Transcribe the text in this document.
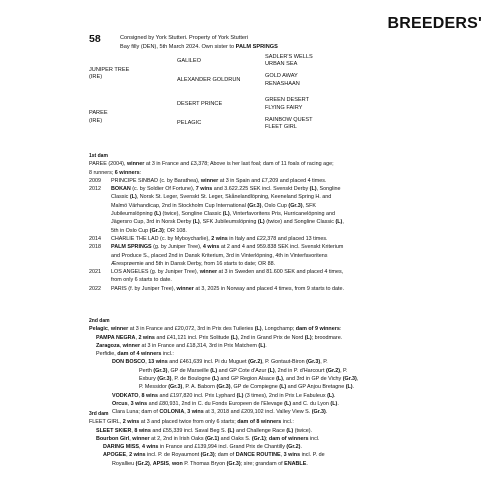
BREEDERS'
58	Consigned by York Stutteri. Property of York Stutteri
Bay filly (DEN), 5th March 2024. Own sister to PALM SPRINGS
SADLER'S WELLS
GALILEO	URBAN SEA
JUNIPER TREE
(IRE)	GOLD AWAY
ALEXANDER GOLDRUN
RENASHAAN
GREEN DESERT
DESERT PRINCE
FLYING FAIRY
PAREE
(IRE)	RAINBOW QUEST
PELAGIC
FLEET GIRL

1st dam

PAREE (2004), winner at 3 in France and £3,378; Above is her last foal; dam of 11 foals of racing age;

8 runners; 6 winners:

2009 PRINCIPE SINBAD (c. by Barathea), winner at 3 in Spain and £7,209 and placed 4 times.
2012 BOKAN (c. by Soldier Of Fortune), 7 wins and 3.622.225 SEK incl. Svenskt Derby (L), Songline
Classic (L), Norsk St. Leger, Svenskt St. Leger, Skånelandlöpning, Keeneland Spring H. and
Malmö Värhandicap, 2nd in Stockholm Cup International (Gr.3), Oslo Cup (Gr.3), SFK
Jubileumslöpning (L) (twice), Songline Classic (L), Vinterfavoritens Pris, Hurricanelöpning and
Jägersro Cup, 3rd in Norsk Derby (L), SFK Jubileumslöpning (L) (twice) and Songline Classic (L),
5th in Oslo Cup (Gr.3); OR 108.
2014 CHARLIE THE LAD (c. by Myboycharlie), 2 wins in Italy and £22,378 and placed 13 times.
2018 PALM SPRINGS (g. by Juniper Tree), 4 wins at 2 and 4 and 959.838 SEK incl. Svenskt Kriterium
and Produce S., placed 2nd in Dansk Kriterium, 3rd in Vinterlöpning, 4th in Vinterfavoritens
Æresprøemie and 5th in Dansk Derby, from 16 starts to date; OR 88.
2021 LOS ANGELES (g. by Juniper Tree), winner at 3 in Sweden and 81.600 SEK and placed 4 times,
from only 6 starts to date.
2022 PARIS (f. by Juniper Tree), winner at 3, 2025 in Norway and placed 4 times, from 9 starts to date.

2nd dam

Pelagic, winner at 3 in France and £20,072, 3rd in Prix des Tuileries (L), Longchamp; dam of 9 winners:
PAMPA NEGRA, 2 wins and £41,121 incl. Prix Solitude (L), 2nd in Grand Prix de Nord (L); broodmare.
Zaragoza, winner at 3 in France and £18,314, 3rd in Prix Matchem (L).
Perfidie, dam of 4 winners incl.:
DON BOSCO, 13 wins and £461,639 incl. Pi du Muguet (Gr.2), P. Gontaut-Biron (Gr.3), P.
Perth (Gr.3), GP de Marseille (L) and GP Cote d'Azur (L), 2nd in P. d'Harcourt (Gr.2), P.
Exbury (Gr.3), P. de Boulogne (L) and GP Region Alsace (L), and 3rd in GP de Vichy (Gr.3),
P. Messidor (Gr.3), P. A. Baborn (Gr.3), GP de Compiegne (L) and GP Anjou Bretagne (L).
VODKATO, 8 wins and £197,820 incl. Prix Lyphard (L) (3 times), 2nd in Prix Le Fabuleux (L).
Orcus, 3 wins and £80,931, 2nd in C. du Fonds Europeen de l'Elevage (L) and C. du Lyon (L).
Clara Luna; dam of COLONIA, 3 wins at 3, 2018 and £209,102 incl. Valley View S. (Gr.3).

3rd dam

FLEET GIRL, 2 wins at 3 and placed twice from only 6 starts; dam of 8 winners incl.:
SLEET SKIER, 8 wins and £55,339 incl. Saval Beg S. (L) and Challenge Race (L) (twice).
Bourbon Girl, winner at 2, 2nd in Irish Oaks (Gr.1) and Oaks S. (Gr.1); dam of winners incl.
DARING MISS, 4 wins in France and £139,994 incl. Grand Prix de Chantilly (Gr.2).
APOGEE, 2 wins incl. P. de Royaumont (Gr.3); dam of DANCE ROUTINE, 3 wins incl. P. de
Royallieu (Gr.2), APSIS, won P. Thomas Bryon (Gr.3); sire; grandam of ENABLE.
